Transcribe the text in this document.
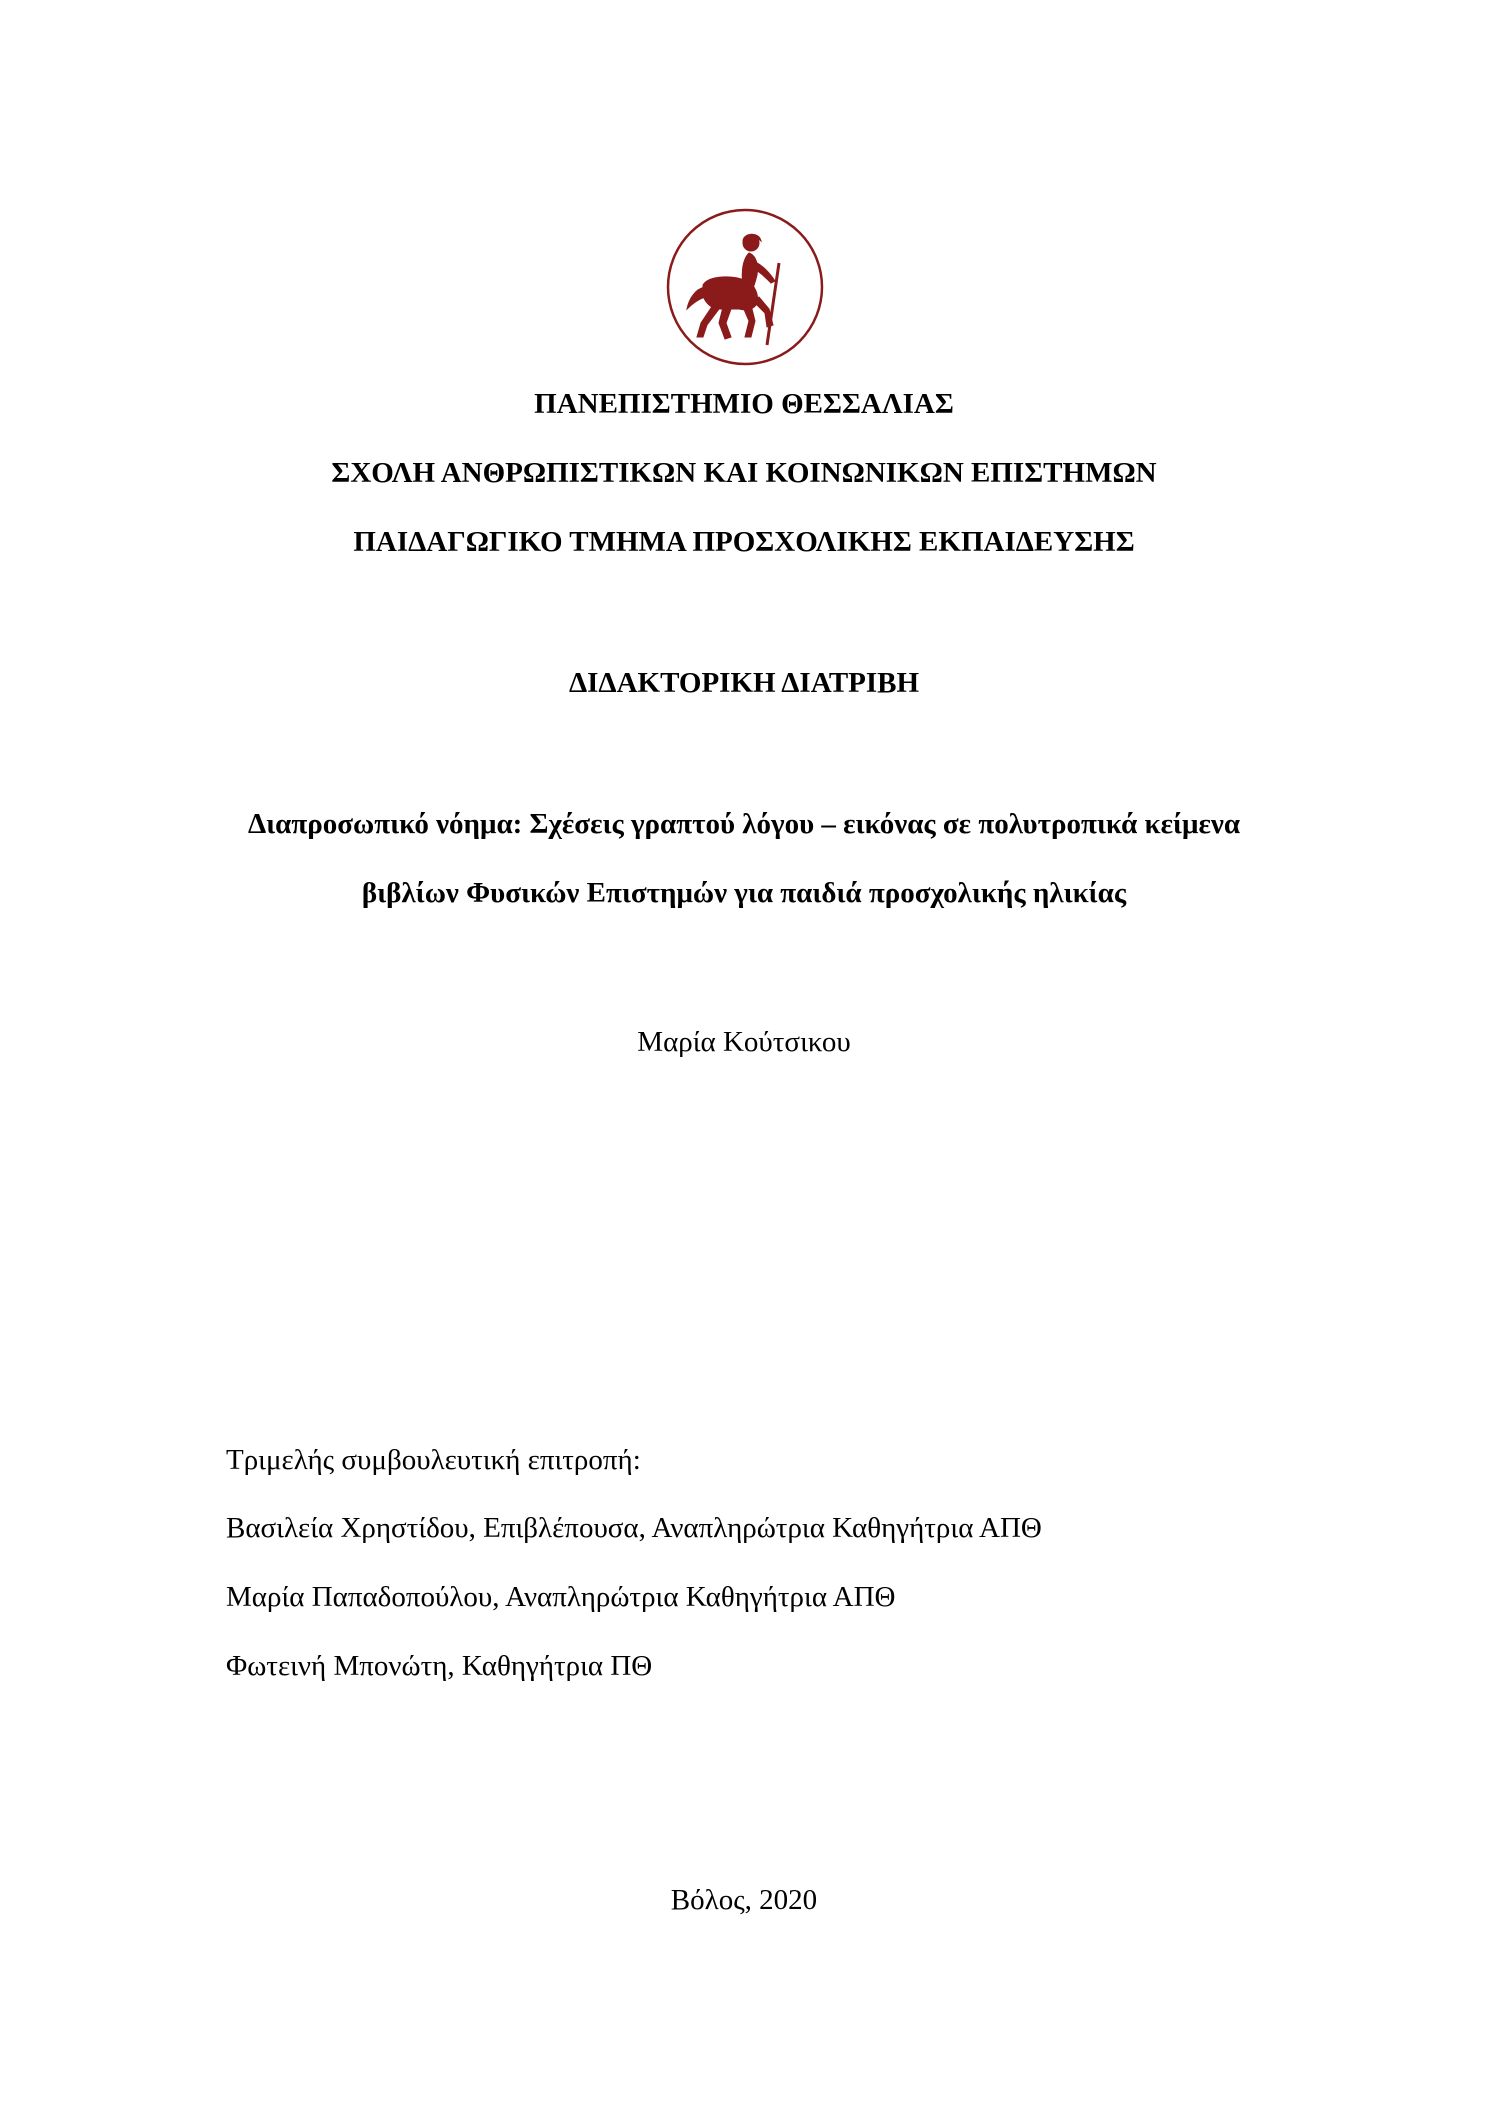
ΠΑΝΕΠΙΣΤΗΜΙΟ ΘΕΣΣΑΛΙΑΣ
ΣΧΟΛΗ ΑΝΘΡΩΠΙΣΤΙΚΩΝ ΚΑΙ ΚΟΙΝΩΝΙΚΩΝ ΕΠΙΣΤΗΜΩΝ
ΠΑΙΔΑΓΩΓΙΚΟ ΤΜΗΜΑ ΠΡΟΣΧΟΛΙΚΗΣ ΕΚΠΑΙΔΕΥΣΗΣ
ΔΙΔΑΚΤΟΡΙΚΗ ΔΙΑΤΡΙΒΗ
Διαπροσωπικό νόημα: Σχέσεις γραπτού λόγου – εικόνας σε πολυτροπικά κείμενα
βιβλίων Φυσικών Επιστημών για παιδιά προσχολικής ηλικίας
Μαρία Κούτσικου
Τριμελής συμβουλευτική επιτροπή:
Βασιλεία Χρηστίδου, Επιβλέπουσα, Αναπληρώτρια Καθηγήτρια ΑΠΘ
Μαρία Παπαδοπούλου, Αναπληρώτρια Καθηγήτρια ΑΠΘ
Φωτεινή Μπονώτη, Καθηγήτρια ΠΘ
Βόλος, 2020
